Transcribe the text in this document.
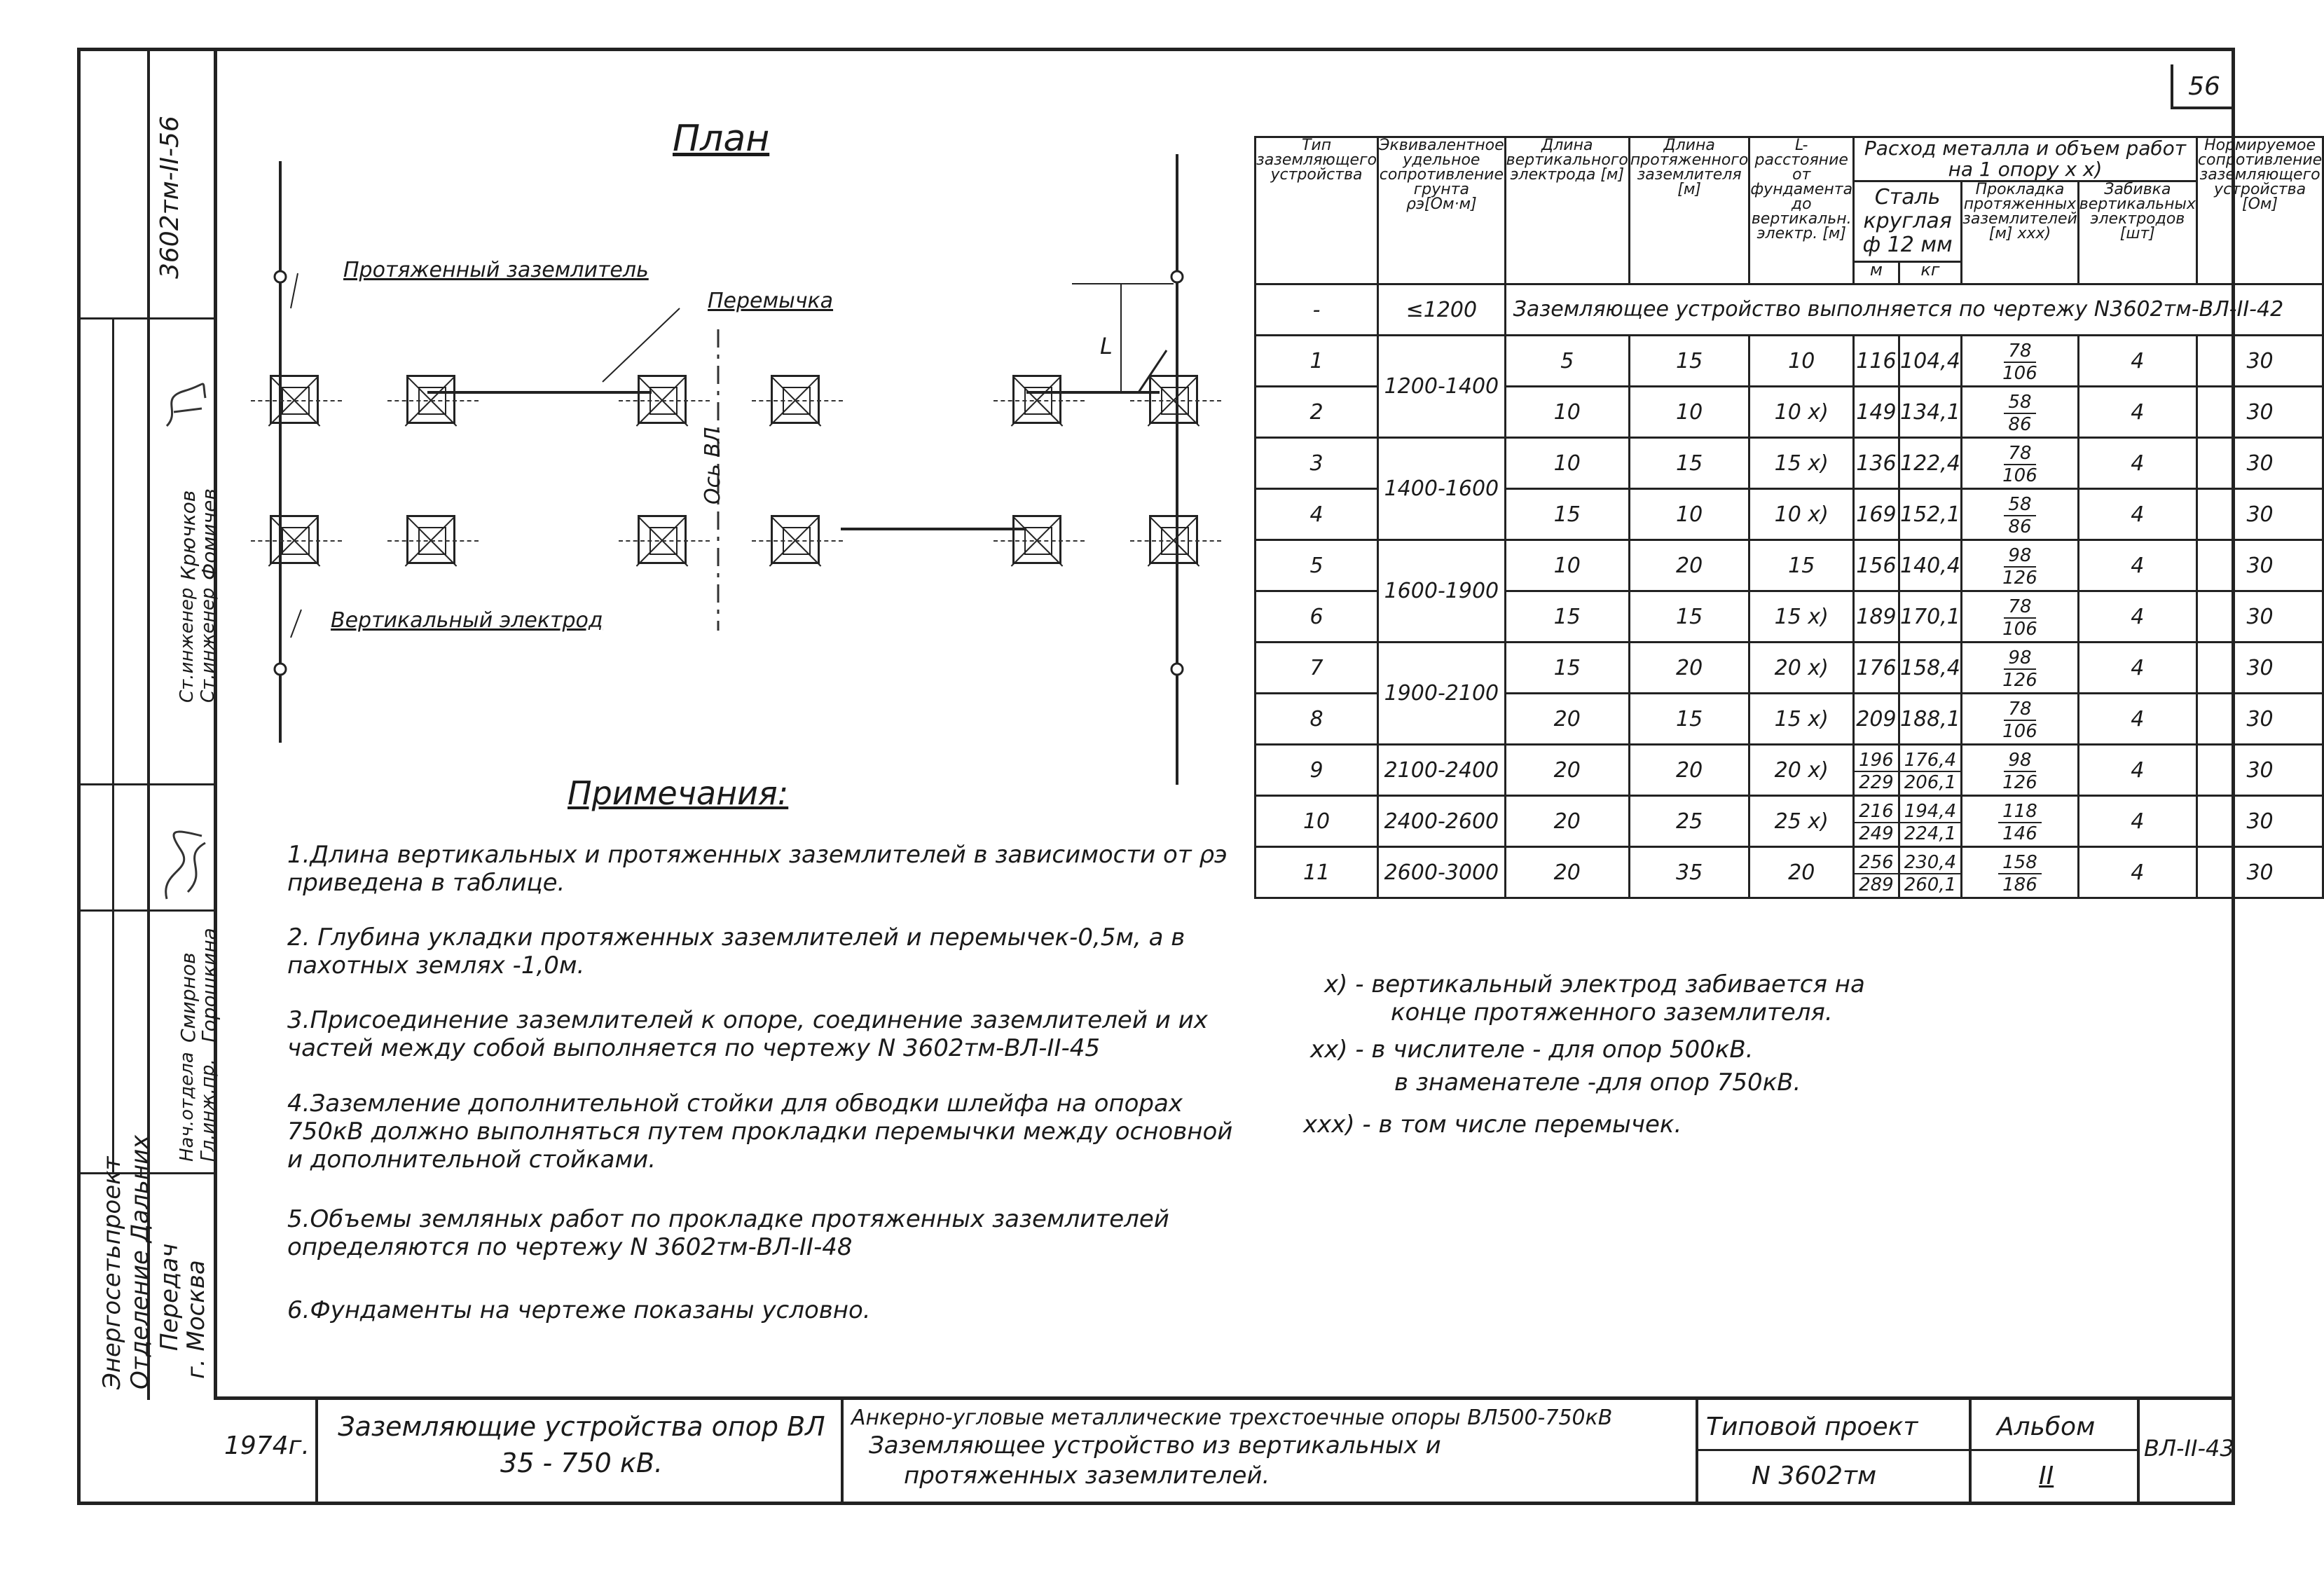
56
3602тм-II-56
Нач.отдела Гл.инж.пр.
Ст.инженер Ст.инженер
Смирнов
Горошкина
Крючков
Фомичев
Энергосетьпроект Отделение Дальних Передач
г. Москва
План
Протяженный заземлитель
Перемычка
Вертикальный электрод
Ось ВЛ
L
Примечания:
1.Длина вертикальных и протяженных заземлителей в зависимости от ρэ приведена в таблице.
2. Глубина укладки протяженных заземлителей и перемычек-0,5м, а в пахотных землях -1,0м.
3.Присоединение заземлителей к опоре, соединение заземлителей и их частей между собой выполняется по чертежу N 3602тм-ВЛ-II-45
4.Заземление дополнительной стойки для обводки шлейфа на опорах 750кВ должно выполняться путем прокладки перемычки между основной и дополнительной стойками.
5.Объемы земляных работ по прокладке протяженных заземлителей определяются по чертежу N 3602тм-ВЛ-II-48
6.Фундаменты на чертеже показаны условно.
Тип заземляющего устройства	Эквивалентное удельное сопротивление грунта ρэ[Ом·м]	Длина вертикального электрода [м]	Длина протяженного заземлителя [м]	L-расстояние от фундамента до вертикальн. электр. [м]	Расход металла и объем работ на 1 опору x x)				Нормируемое сопротивление заземляющего устройства [Ом]
					Сталь круглая ф 12 мм		Прокладка протяженных заземлителей [м] xxx)	Забивка вертикальных электродов [шт]	
					м	кг			
-	≤1200	Заземляющее устройство выполняется по чертежу N3602тм-ВЛ-II-42							
1	1200-1400	5	15	10	116	104,4	$\frac{78}{106}$	4	30
2		10	10	10 x)	149	134,1	$\frac{58}{86}$	4	30
3	1400-1600	10	15	15 x)	136	122,4	$\frac{78}{106}$	4	30
4		15	10	10 x)	169	152,1	$\frac{58}{86}$	4	30
5	1600-1900	10	20	15	156	140,4	$\frac{98}{126}$	4	30
6		15	15	15 x)	189	170,1	$\frac{78}{106}$	4	30
7	1900-2100	15	20	20 x)	176	158,4	$\frac{98}{126}$	4	30
8		20	15	15 x)	209	188,1	$\frac{78}{106}$	4	30
9	2100-2400	20	20	20 x)	$\frac{196}{229}$	$\frac{176,4}{206,1}$	$\frac{98}{126}$	4	30
10	2400-2600	20	25	25 x)	$\frac{216}{249}$	$\frac{194,4}{224,1}$	$\frac{118}{146}$	4	30
11	2600-3000	20	35	20	$\frac{256}{289}$	$\frac{230,4}{260,1}$	$\frac{158}{186}$	4	30
x) - вертикальный электрод забивается на
конце протяженного заземлителя.
xx) - в числителе - для опор 500кВ.
в знаменателе -для опор 750кВ.
xxx) - в том числе перемычек.
1974г.
Заземляющие устройства опор ВЛ 35 - 750 кВ.
Анкерно-угловые металлические трехстоечные опоры ВЛ500-750кВ
Заземляющее устройство из вертикальных и
протяженных заземлителей.
Типовой проект
N 3602тм
Альбом
II
ВЛ-II-43
